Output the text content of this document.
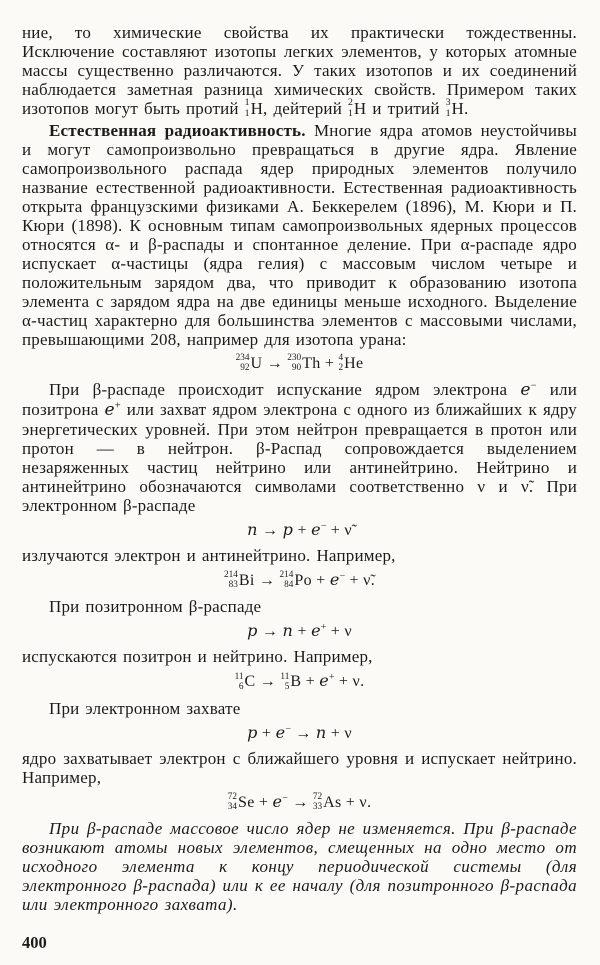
ние, то химические свойства их практически тождественны. Исключение составляют изотопы легких элементов, у которых атомные массы существенно различаются. У таких изотопов и их соединений наблюдается заметная разница химических свойств. Примером таких изотопов могут быть протий 1
1 H, дейтерий 2
1 H и тритий 3
1 H.

Естественная радиоактивность. Многие ядра атомов неустойчивы и могут самопроизвольно превращаться в другие ядра. Явление самопроизвольного распада ядер природных элементов получило название естественной радиоактивности. Естественная радиоактивность открыта французскими физиками А. Беккерелем (1896), М. Кюри и П. Кюри (1898). К основным типам самопроизвольных ядерных процессов относятся α- и β-распады и спонтанное деление. При α-распаде ядро испускает α-частицы (ядра гелия) с массовым числом четыре и положительным зарядом два, что приводит к образованию изотопа элемента с зарядом ядра на две единицы меньше исходного. Выделение α-частиц характерно для большинства элементов с массовыми числами, превышающими 208, например для изотопа урана:

234
92 U → 230
90 Th + 4
2 He

При β-распаде происходит испускание ядром электрона e− или позитрона e+ или захват ядром электрона с одного из ближайших к ядру энергетических уровней. При этом нейтрон превращается в протон или протон — в нейтрон. β-Распад сопровождается выделением незаряженных частиц нейтрино или антинейтрино. Нейтрино и антинейтрино обозначаются символами соответственно ν и ν̃. При электронном β-распаде

n → p + e− + ν̃

излучаются электрон и антинейтрино. Например,

214
83 Bi → 214
84 Po + e− + ν̃.

При позитронном β-распаде

p → n + e+ + ν

испускаются позитрон и нейтрино. Например,

11
6 C → 11
5 B + e+ + ν.

При электронном захвате

p + e− → n + ν

ядро захватывает электрон с ближайшего уровня и испускает нейтрино. Например,

72
34 Se + e− → 72
33 As + ν.

При β-распаде массовое число ядер не изменяется. При β-распаде возникают атомы новых элементов, смещенных на одно место от исходного элемента к концу периодической системы (для электронного β-распада) или к ее началу (для позитронного β-распада или электронного захвата).

400
